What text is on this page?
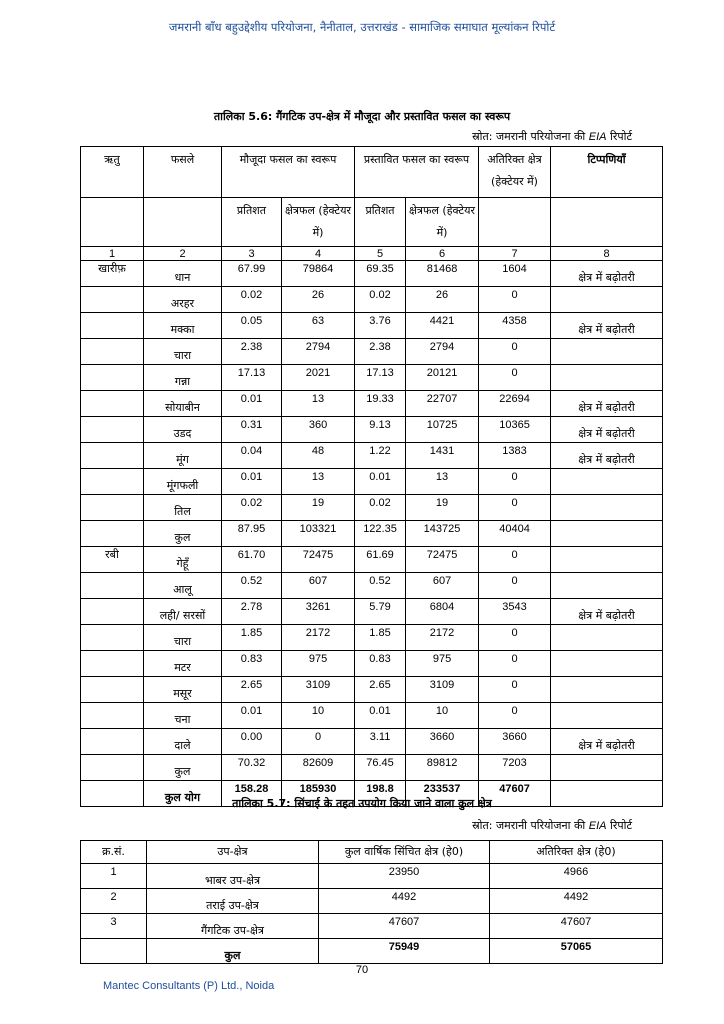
जमरानी बाँध बहुउद्देशीय परियोजना, नैनीताल, उत्तराखंड - सामाजिक समाघात मूल्यांकन रिपोर्ट
तालिका 5.6: गैंगटिक उप-क्षेत्र में मौजूदा और प्रस्तावित फसल का स्वरूप
स्रोत: जमरानी परियोजना की EIA रिपोर्ट
ऋतु	फसले	मौजूदा फसल का स्वरूप		प्रस्तावित फसल का स्वरूप		अतिरिक्त क्षेत्र (हेक्टेयर में)	टिप्पणियाँ
		प्रतिशत	क्षेत्रफल (हेक्टेयर में)	प्रतिशत	क्षेत्रफल (हेक्टेयर में)		
1	2	3	4	5	6	7	8
खारीफ़	धान	67.99	79864	69.35	81468	1604	क्षेत्र में बढ़ोतरी
	अरहर	0.02	26	0.02	26	0	
	मक्का	0.05	63	3.76	4421	4358	क्षेत्र में बढ़ोतरी
	चारा	2.38	2794	2.38	2794	0	
	गन्ना	17.13	2021	17.13	20121	0	
	सोयाबीन	0.01	13	19.33	22707	22694	क्षेत्र में बढ़ोतरी
	उडद	0.31	360	9.13	10725	10365	क्षेत्र में बढ़ोतरी
	मूंग	0.04	48	1.22	1431	1383	क्षेत्र में बढ़ोतरी
	मूंगफली	0.01	13	0.01	13	0	
	तिल	0.02	19	0.02	19	0	
	कुल	87.95	103321	122.35	143725	40404	
रबी	गेहूँ	61.70	72475	61.69	72475	0	
	आलू	0.52	607	0.52	607	0	
	लही/ सरसों	2.78	3261	5.79	6804	3543	क्षेत्र में बढ़ोतरी
	चारा	1.85	2172	1.85	2172	0	
	मटर	0.83	975	0.83	975	0	
	मसूर	2.65	3109	2.65	3109	0	
	चना	0.01	10	0.01	10	0	
	दाले	0.00	0	3.11	3660	3660	क्षेत्र में बढ़ोतरी
	कुल	70.32	82609	76.45	89812	7203	
	कुल योग	158.28	185930	198.8	233537	47607	
तालिका 5.7: सिंचाई के तहत उपयोग किया जाने वाला कुल क्षेत्र
स्रोत: जमरानी परियोजना की EIA रिपोर्ट
क्र.सं.	उप-क्षेत्र	कुल वार्षिक सिंचित क्षेत्र (हे0)	अतिरिक्त क्षेत्र (हे0)
1	भाबर उप-क्षेत्र	23950	4966
2	तराई उप-क्षेत्र	4492	4492
3	गैंगटिक उप-क्षेत्र	47607	47607
	कुल	75949	57065
70
Mantec Consultants (P) Ltd., Noida
